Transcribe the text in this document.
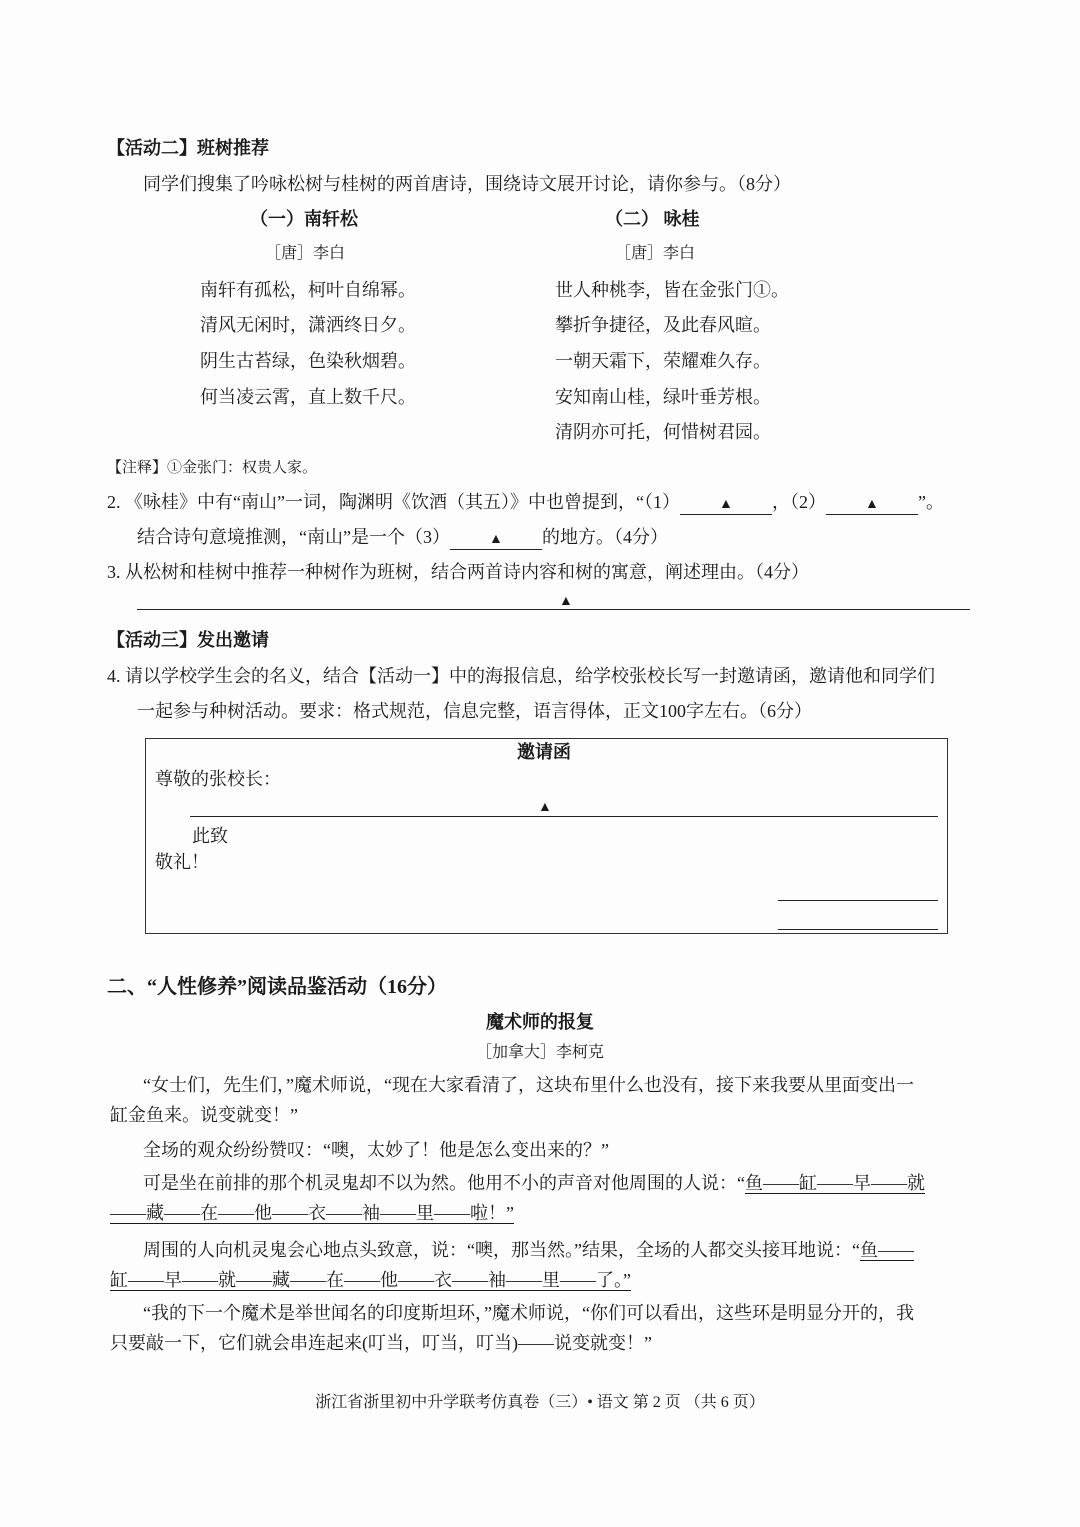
【活动二】班树推荐
同学们搜集了吟咏松树与桂树的两首唐诗，围绕诗文展开讨论，请你参与。（8分）
（一）南轩松
［唐］李白
南轩有孤松，柯叶自绵幂。
清风无闲时，潇洒终日夕。
阴生古苔绿，色染秋烟碧。
何当凌云霄，直上数千尺。
（二） 咏桂
［唐］李白
世人种桃李，皆在金张门①。
攀折争捷径，及此春风暄。
一朝天霜下，荣耀难久存。
安知南山桂，绿叶垂芳根。
清阴亦可托，何惜树君园。
【注释】①金张门：权贵人家。
2. 《咏桂》中有“南山”一词，陶渊明《饮酒（其五）》中也曾提到，“（1）	▲ ，（2）	▲ ”。
结合诗句意境推测，“南山”是一个（3）	▲ 的地方。（4分）
3. 从松树和桂树中推荐一种树作为班树，结合两首诗内容和树的寓意，阐述理由。（4分）
▲
【活动三】发出邀请
4. 请以学校学生会的名义，结合【活动一】中的海报信息，给学校张校长写一封邀请函，邀请他和同学们
一起参与种树活动。要求：格式规范，信息完整，语言得体，正文100字左右。（6分）
邀请函
尊敬的张校长：
▲
此致
敬礼！
二、“人性修养”阅读品鉴活动（16分）
魔术师的报复
［加拿大］李柯克
“女士们，先生们，”魔术师说，“现在大家看清了，这块布里什么也没有，接下来我要从里面变出一
缸金鱼来。说变就变！”
全场的观众纷纷赞叹：“噢，太妙了！他是怎么变出来的？”
可是坐在前排的那个机灵鬼却不以为然。他用不小的声音对他周围的人说：“鱼——缸——早——就
——藏——在——他——衣——袖——里——啦！”
周围的人向机灵鬼会心地点头致意，说：“噢，那当然。”结果，全场的人都交头接耳地说：“鱼——
缸——早——就——藏——在——他——衣——袖——里——了。”
“我的下一个魔术是举世闻名的印度斯坦环，”魔术师说，“你们可以看出，这些环是明显分开的，我
只要敲一下，它们就会串连起来(叮当，叮当，叮当)——说变就变！”
浙江省浙里初中升学联考仿真卷（三）• 语文 第 2 页 （共 6 页）
